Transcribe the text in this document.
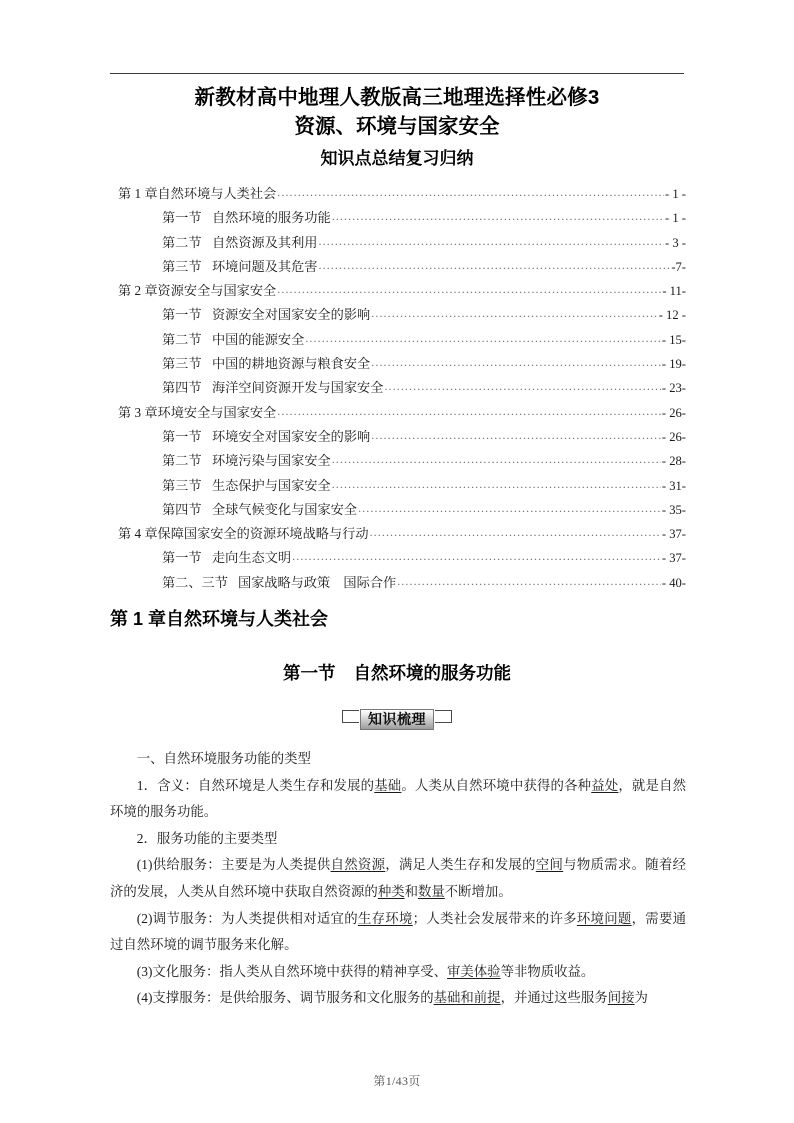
新教材高中地理人教版高三地理选择性必修3
资源、环境与国家安全
知识点总结复习归纳
第 1 章自然环境与人类社会 .....	- 1 -
第一节 自然环境的服务功能 .....	- 1 -
第二节 自然资源及其利用 .....	- 3 -
第三节 环境问题及其危害 .....	-7-
第 2 章资源安全与国家安全 .....	- 11-
第一节 资源安全对国家安全的影响 .....	- 12 -
第二节 中国的能源安全 .....	- 15-
第三节 中国的耕地资源与粮食安全 .....	- 19-
第四节 海洋空间资源开发与国家安全 .....	- 23-
第 3 章环境安全与国家安全 .....	- 26-
第一节 环境安全对国家安全的影响 .....	- 26-
第二节 环境污染与国家安全 .....	- 28-
第三节 生态保护与国家安全 .....	- 31-
第四节 全球气候变化与国家安全 .....	- 35-
第 4 章保障国家安全的资源环境战略与行动 .....	- 37-
第一节 走向生态文明 .....	- 37-
第二、三节 国家战略与政策　国际合作 .....	- 40-
第 1 章自然环境与人类社会
第一节 自然环境的服务功能
知识梳理

一、自然环境服务功能的类型

1．含义：自然环境是人类生存和发展的基础。人类从自然环境中获得的各种益处，就是自然环境的服务功能。

2．服务功能的主要类型

(1)供给服务：主要是为人类提供自然资源，满足人类生存和发展的空间与物质需求。随着经济的发展，人类从自然环境中获取自然资源的种类和数量不断增加。

(2)调节服务：为人类提供相对适宜的生存环境；人类社会发展带来的许多环境问题，需要通过自然环境的调节服务来化解。

(3)文化服务：指人类从自然环境中获得的精神享受、审美体验等非物质收益。

(4)支撑服务：是供给服务、调节服务和文化服务的基础和前提，并通过这些服务间接为

第1/43页
